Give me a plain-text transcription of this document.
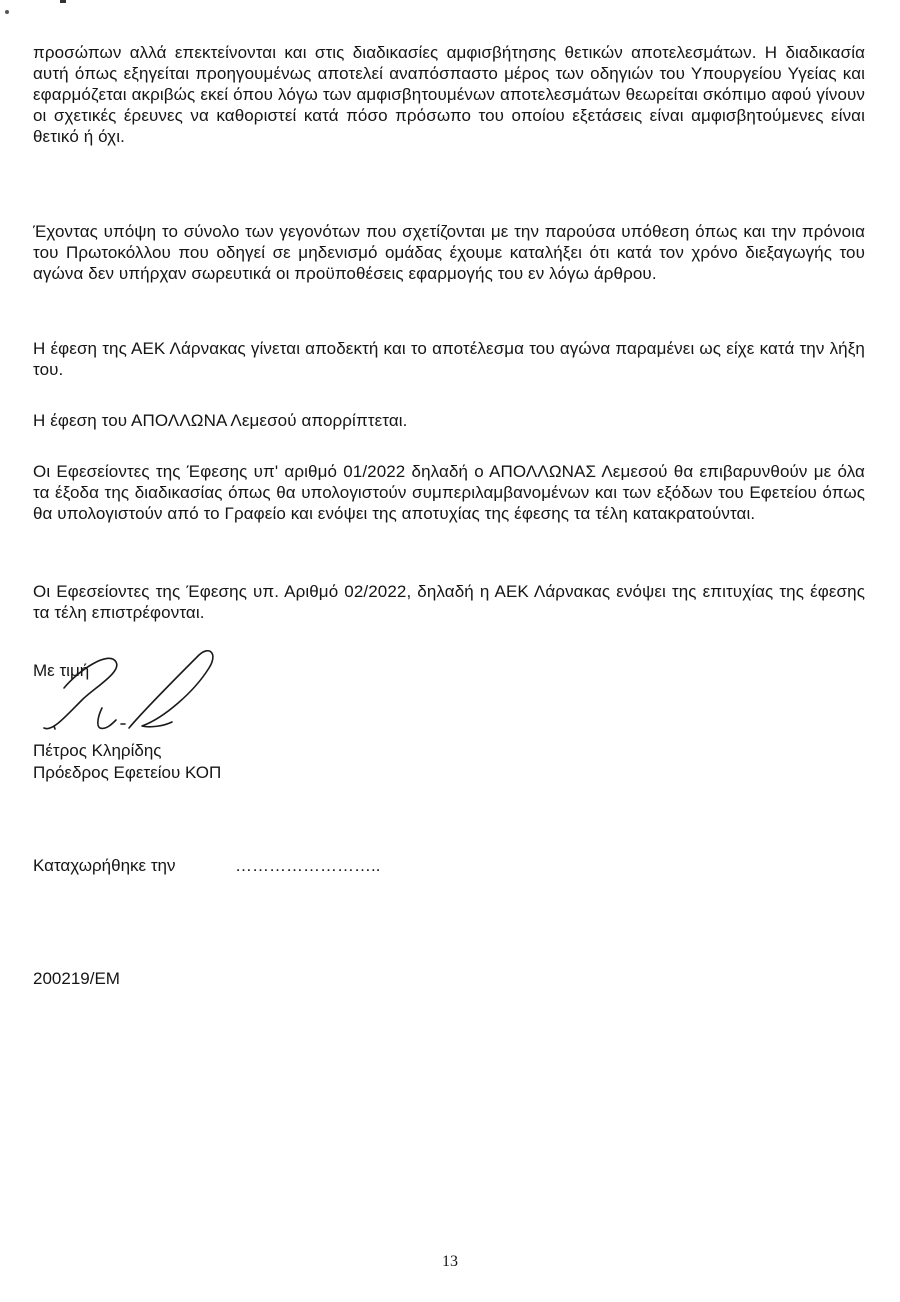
προσώπων αλλά επεκτείνονται και στις διαδικασίες αμφισβήτησης θετικών αποτελεσμάτων. Η διαδικασία αυτή όπως εξηγείται προηγουμένως αποτελεί αναπόσπαστο μέρος των οδηγιών του Υπουργείου Υγείας και εφαρμόζεται ακριβώς εκεί όπου λόγω των αμφισβητουμένων αποτελεσμάτων θεωρείται σκόπιμο αφού γίνουν οι σχετικές έρευνες να καθοριστεί κατά πόσο πρόσωπο του οποίου εξετάσεις είναι αμφισβητούμενες είναι θετικό ή όχι.

Έχοντας υπόψη το σύνολο των γεγονότων που σχετίζονται με την παρούσα υπόθεση όπως και την πρόνοια του Πρωτοκόλλου που οδηγεί σε μηδενισμό ομάδας έχουμε καταλήξει ότι κατά τον χρόνο διεξαγωγής του αγώνα δεν υπήρχαν σωρευτικά οι προϋποθέσεις εφαρμογής του εν λόγω άρθρου.

Η έφεση της ΑΕΚ Λάρνακας γίνεται αποδεκτή και το αποτέλεσμα του αγώνα παραμένει ως είχε κατά την λήξη του.

Η έφεση του ΑΠΟΛΛΩΝΑ Λεμεσού απορρίπτεται.

Οι Εφεσείοντες της Έφεσης υπ' αριθμό 01/2022 δηλαδή ο ΑΠΟΛΛΩΝΑΣ Λεμεσού θα επιβαρυνθούν με όλα τα έξοδα της διαδικασίας όπως θα υπολογιστούν συμπεριλαμβανομένων και των εξόδων του Εφετείου όπως θα υπολογιστούν από το Γραφείο και ενόψει της αποτυχίας της έφεσης τα τέλη κατακρατούνται.

Οι Εφεσείοντες της Έφεσης υπ. Αριθμό 02/2022, δηλαδή η ΑΕΚ Λάρνακας ενόψει της επιτυχίας της έφεσης τα τέλη επιστρέφονται.

Με τιμή
Πέτρος Κληρίδης
Πρόεδρος Εφετείου ΚΟΠ
Καταχωρήθηκε την	……………………..
200219/ΕΜ
13
